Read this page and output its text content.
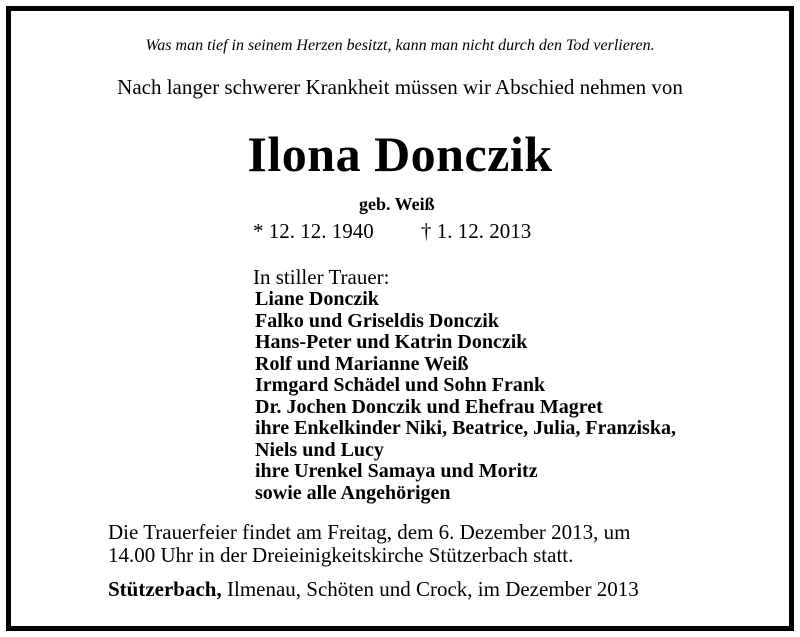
Was man tief in seinem Herzen besitzt, kann man nicht durch den Tod verlieren.
Nach langer schwerer Krankheit müssen wir Abschied nehmen von
Ilona Donczik
geb. Weiß
* 12. 12. 1940 † 1. 12. 2013
In stiller Trauer:
Liane Donczik
Falko und Griseldis Donczik
Hans-Peter und Katrin Donczik
Rolf und Marianne Weiß
Irmgard Schädel und Sohn Frank
Dr. Jochen Donczik und Ehefrau Magret
ihre Enkelkinder Niki, Beatrice, Julia, Franziska,
Niels und Lucy
ihre Urenkel Samaya und Moritz
sowie alle Angehörigen
Die Trauerfeier findet am Freitag, dem 6. Dezember 2013, um
14.00 Uhr in der Dreieinigkeitskirche Stützerbach statt.
Stützerbach, Ilmenau, Schöten und Crock, im Dezember 2013
